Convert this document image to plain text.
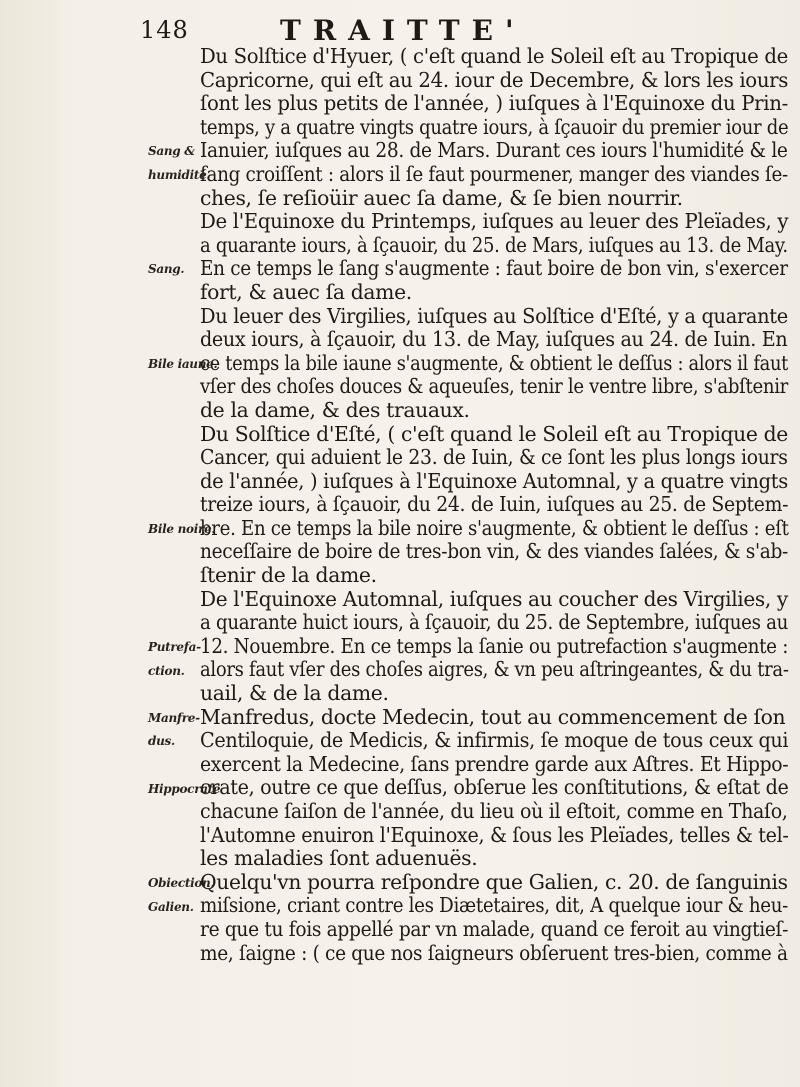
148	TRAITTE'
Du Solſtice d'Hyuer, ( c'eſt quand le Soleil eſt au Tropique de
Capricorne, qui eſt au 24. iour de Decembre, & lors les iours
ſont les plus petits de l'année, ) iuſques à l'Equinoxe du Prin-
temps, y a quatre vingts quatre iours, à ſçauoir du premier iour de
Ianuier, iuſques au 28. de Mars. Durant ces iours l'humidité & le
ſang croiſſent : alors il ſe faut pourmener, manger des viandes ſe-
ches, ſe reſioüir auec ſa dame, & ſe bien nourrir.
De l'Equinoxe du Printemps, iuſques au leuer des Pleïades, y
a quarante iours, à ſçauoir, du 25. de Mars, iuſques au 13. de May.
En ce temps le ſang s'augmente : faut boire de bon vin, s'exercer
fort, & auec ſa dame.
Du leuer des Virgilies, iuſques au Solſtice d'Eſté, y a quarante
deux iours, à ſçauoir, du 13. de May, iuſques au 24. de Iuin. En
ce temps la bile iaune s'augmente, & obtient le deſſus : alors il faut
vſer des choſes douces & aqueuſes, tenir le ventre libre, s'abſtenir
de la dame, & des trauaux.
Du Solſtice d'Eſté, ( c'eſt quand le Soleil eſt au Tropique de
Cancer, qui aduient le 23. de Iuin, & ce ſont les plus longs iours
de l'année, ) iuſques à l'Equinoxe Automnal, y a quatre vingts
treize iours, à ſçauoir, du 24. de Iuin, iuſques au 25. de Septem-
bre. En ce temps la bile noire s'augmente, & obtient le deſſus : eſt
neceſſaire de boire de tres-bon vin, & des viandes ſalées, & s'ab-
ſtenir de la dame.
De l'Equinoxe Automnal, iuſques au coucher des Virgilies, y
a quarante huict iours, à ſçauoir, du 25. de Septembre, iuſques au
12. Nouembre. En ce temps la ſanie ou putrefaction s'augmente :
alors faut vſer des choſes aigres, & vn peu aſtringeantes, & du tra-
uail, & de la dame.
Manfredus, docte Medecin, tout au commencement de ſon
Centiloquie, de Medicis, & infirmis, ſe moque de tous ceux qui
exercent la Medecine, ſans prendre garde aux Aſtres. Et Hippo-
crate, outre ce que deſſus, obſerue les conſtitutions, & eſtat de
chacune ſaiſon de l'année, du lieu où il eſtoit, comme en Thaſo,
l'Automne enuiron l'Equinoxe, & ſous les Pleïades, telles & tel-
les maladies ſont aduenuës.
Quelqu'vn pourra reſpondre que Galien, c. 20. de ſanguinis
miſsione, criant contre les Diætetaires, dit, A quelque iour & heu-
re que tu fois appellé par vn malade, quand ce feroit au vingtieſ-
me, ſaigne : ( ce que nos ſaigneurs obſeruent tres-bien, comme à
Sang &
humidité.
Sang.
Bile iaune.
Bile noire.
Putrefa-
ction.
Manfre-
dus.
Hippocrate
Obiection.
Galien.
